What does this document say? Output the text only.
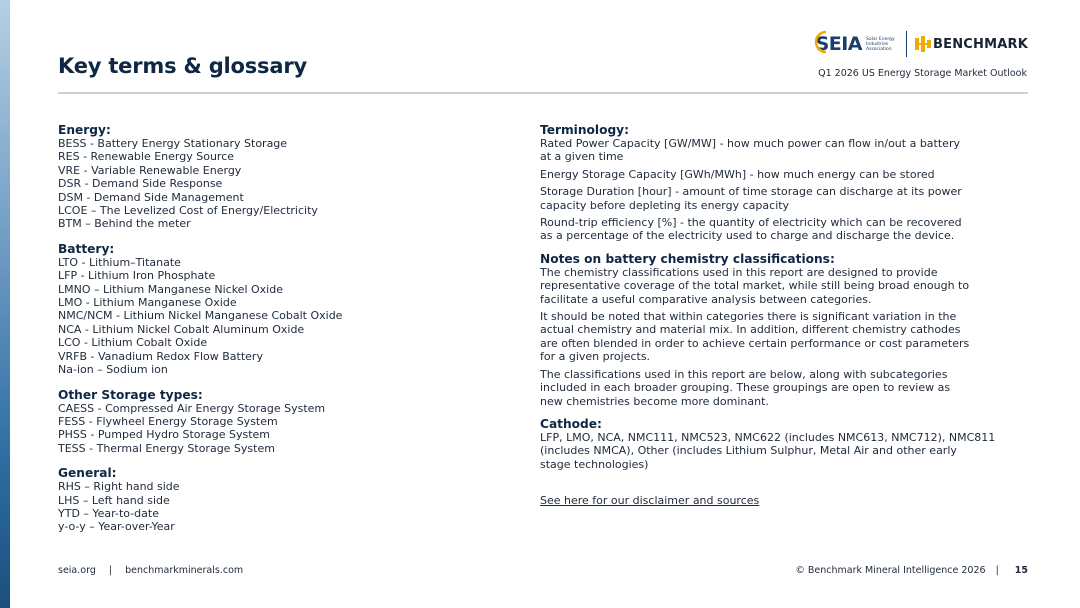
SEIA Solar Energy Industries Association	BENCHMARK
Key terms & glossary	Q1 2026 US Energy Storage Market Outlook
Energy:
BESS - Battery Energy Stationary Storage
RES - Renewable Energy Source
VRE - Variable Renewable Energy
DSR - Demand Side Response
DSM - Demand Side Management
LCOE – The Levelized Cost of Energy/Electricity
BTM – Behind the meter
Battery:
LTO - Lithium–Titanate
LFP - Lithium Iron Phosphate
LMNO – Lithium Manganese Nickel Oxide
LMO - Lithium Manganese Oxide
NMC/NCM - Lithium Nickel Manganese Cobalt Oxide
NCA - Lithium Nickel Cobalt Aluminum Oxide
LCO - Lithium Cobalt Oxide
VRFB - Vanadium Redox Flow Battery
Na-ion – Sodium ion
Other Storage types:
CAESS - Compressed Air Energy Storage System
FESS - Flywheel Energy Storage System
PHSS - Pumped Hydro Storage System
TESS - Thermal Energy Storage System
General:
RHS – Right hand side
LHS – Left hand side
YTD – Year-to-date
y-o-y – Year-over-Year
Terminology:
Rated Power Capacity [GW/MW] - how much power can flow in/out a battery
at a given time
Energy Storage Capacity [GWh/MWh] - how much energy can be stored
Storage Duration [hour] - amount of time storage can discharge at its power
capacity before depleting its energy capacity
Round-trip efficiency [%] - the quantity of electricity which can be recovered
as a percentage of the electricity used to charge and discharge the device.
Notes on battery chemistry classifications:
The chemistry classifications used in this report are designed to provide
representative coverage of the total market, while still being broad enough to
facilitate a useful comparative analysis between categories.
It should be noted that within categories there is significant variation in the
actual chemistry and material mix. In addition, different chemistry cathodes
are often blended in order to achieve certain performance or cost parameters
for a given projects.
The classifications used in this report are below, along with subcategories
included in each broader grouping. These groupings are open to review as
new chemistries become more dominant.
Cathode:
LFP, LMO, NCA, NMC111, NMC523, NMC622 (includes NMC613, NMC712), NMC811
(includes NMCA), Other (includes Lithium Sulphur, Metal Air and other early
stage technologies)
See here for our disclaimer and sources
seia.org | benchmarkminerals.com	© Benchmark Mineral Intelligence 2026 | 15
